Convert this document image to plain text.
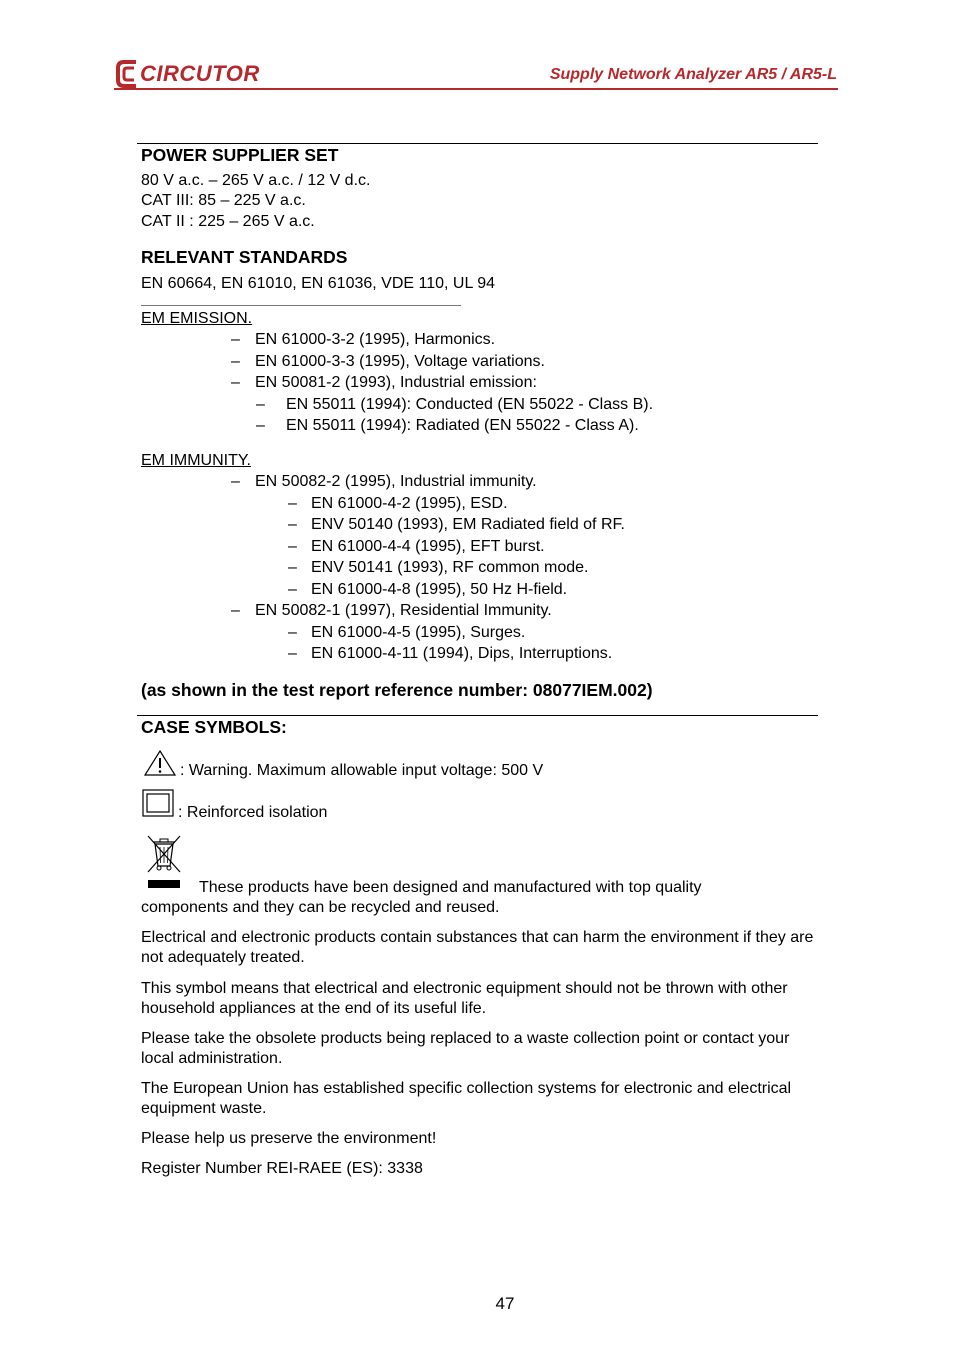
CIRCUTOR	Supply Network Analyzer AR5 / AR5-L
POWER SUPPLIER SET
80 V a.c. – 265 V a.c. / 12 V d.c.
CAT III: 85 – 225 V a.c.
CAT II : 225 – 265 V a.c.
RELEVANT STANDARDS
EN 60664, EN 61010, EN 61036, VDE 110, UL 94
EM EMISSION.
– EN 61000-3-2 (1995), Harmonics.
– EN 61000-3-3 (1995), Voltage variations.
– EN 50081-2 (1993), Industrial emission:
– EN 55011 (1994): Conducted (EN 55022 - Class B).
– EN 55011 (1994): Radiated (EN 55022 - Class A).
EM IMMUNITY.
– EN 50082-2 (1995), Industrial immunity.
– EN 61000-4-2 (1995), ESD.
– ENV 50140 (1993), EM Radiated field of RF.
– EN 61000-4-4 (1995), EFT burst.
– ENV 50141 (1993), RF common mode.
– EN 61000-4-8 (1995), 50 Hz H-field.
– EN 50082-1 (1997), Residential Immunity.
– EN 61000-4-5 (1995), Surges.
– EN 61000-4-11 (1994), Dips, Interruptions.
(as shown in the test report reference number: 08077IEM.002)
CASE SYMBOLS:
: Warning. Maximum allowable input voltage: 500 V
: Reinforced isolation
These products have been designed and manufactured with top quality
components and they can be recycled and reused.
Electrical and electronic products contain substances that can harm the environment if they are not adequately treated.
This symbol means that electrical and electronic equipment should not be thrown with other household appliances at the end of its useful life.
Please take the obsolete products being replaced to a waste collection point or contact your local administration.
The European Union has established specific collection systems for electronic and electrical equipment waste.
Please help us preserve the environment!
Register Number REI-RAEE (ES): 3338
47
